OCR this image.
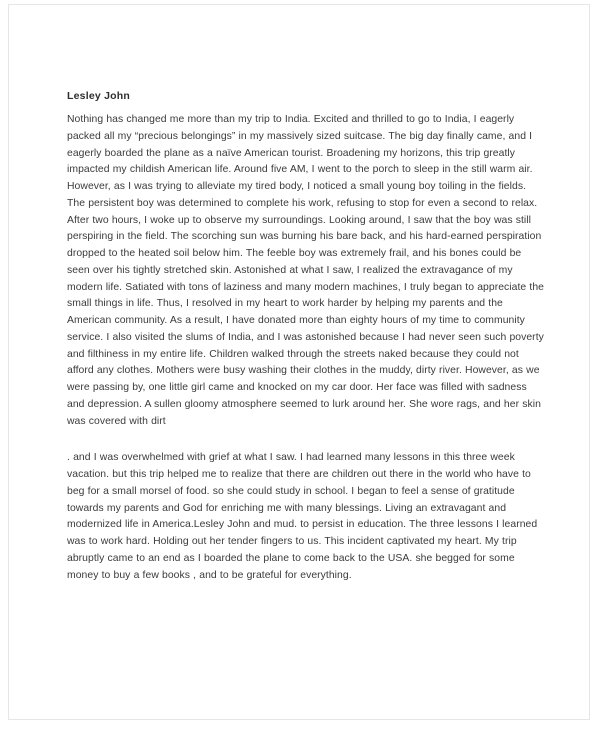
Lesley John

Nothing has changed me more than my trip to India. Excited and thrilled to go to India, I eagerly packed all my “precious belongings” in my massively sized suitcase. The big day finally came, and I eagerly boarded the plane as a naïve American tourist. Broadening my horizons, this trip greatly impacted my childish American life. Around five AM, I went to the porch to sleep in the still warm air. However, as I was trying to alleviate my tired body, I noticed a small young boy toiling in the fields. The persistent boy was determined to complete his work, refusing to stop for even a second to relax. After two hours, I woke up to observe my surroundings. Looking around, I saw that the boy was still perspiring in the field. The scorching sun was burning his bare back, and his hard-earned perspiration dropped to the heated soil below him. The feeble boy was extremely frail, and his bones could be seen over his tightly stretched skin. Astonished at what I saw, I realized the extravagance of my modern life. Satiated with tons of laziness and many modern machines, I truly began to appreciate the small things in life. Thus, I resolved in my heart to work harder by helping my parents and the American community. As a result, I have donated more than eighty hours of my time to community service. I also visited the slums of India, and I was astonished because I had never seen such poverty and filthiness in my entire life. Children walked through the streets naked because they could not afford any clothes. Mothers were busy washing their clothes in the muddy, dirty river. However, as we were passing by, one little girl came and knocked on my car door. Her face was filled with sadness and depression. A sullen gloomy atmosphere seemed to lurk around her. She wore rags, and her skin was covered with dirt

. and I was overwhelmed with grief at what I saw. I had learned many lessons in this three week vacation. but this trip helped me to realize that there are children out there in the world who have to beg for a small morsel of food. so she could study in school. I began to feel a sense of gratitude towards my parents and God for enriching me with many blessings. Living an extravagant and modernized life in America.Lesley John and mud. to persist in education. The three lessons I learned was to work hard. Holding out her tender fingers to us. This incident captivated my heart. My trip abruptly came to an end as I boarded the plane to come back to the USA. she begged for some money to buy a few books , and to be grateful for everything.
